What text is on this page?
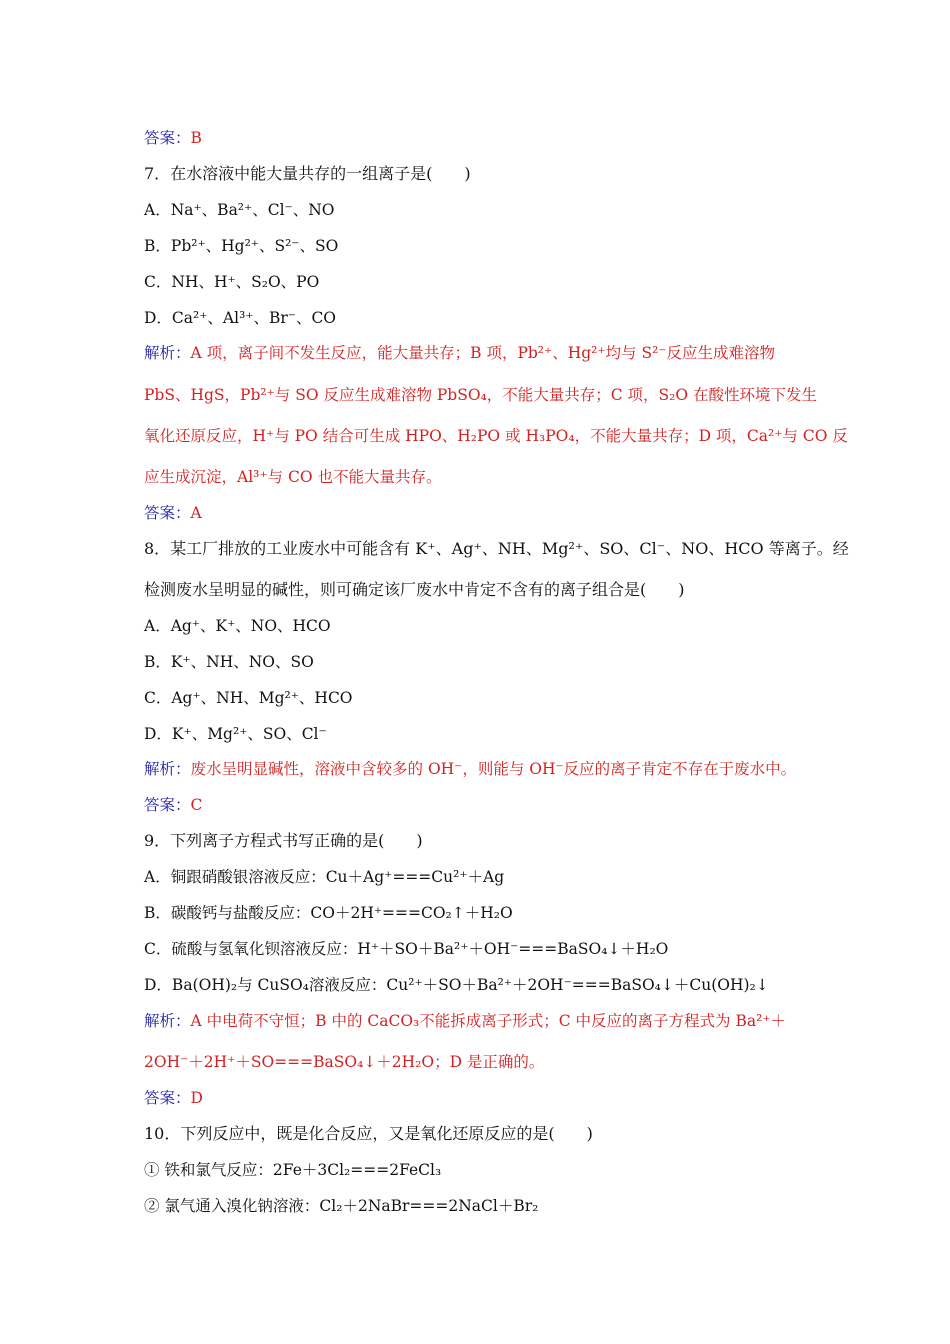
答案：B
7．在水溶液中能大量共存的一组离子是(　　)
A．Na⁺、Ba²⁺、Cl⁻、NO
B．Pb²⁺、Hg²⁺、S²⁻、SO
C．NH、H⁺、S₂O、PO
D．Ca²⁺、Al³⁺、Br⁻、CO
解析：A 项，离子间不发生反应，能大量共存；B 项，Pb²⁺、Hg²⁺均与 S²⁻反应生成难溶物
PbS、HgS，Pb²⁺与 SO 反应生成难溶物 PbSO₄，不能大量共存；C 项，S₂O 在酸性环境下发生
氧化还原反应，H⁺与 PO 结合可生成 HPO、H₂PO 或 H₃PO₄，不能大量共存；D 项，Ca²⁺与 CO 反
应生成沉淀，Al³⁺与 CO 也不能大量共存。
答案：A
8．某工厂排放的工业废水中可能含有 K⁺、Ag⁺、NH、Mg²⁺、SO、Cl⁻、NO、HCO 等离子。经
检测废水呈明显的碱性，则可确定该厂废水中肯定不含有的离子组合是(　　)
A．Ag⁺、K⁺、NO、HCO
B．K⁺、NH、NO、SO
C．Ag⁺、NH、Mg²⁺、HCO
D．K⁺、Mg²⁺、SO、Cl⁻
解析：废水呈明显碱性，溶液中含较多的 OH⁻，则能与 OH⁻反应的离子肯定不存在于废水中。
答案：C
9．下列离子方程式书写正确的是(　　)
A．铜跟硝酸银溶液反应：Cu＋Ag⁺===Cu²⁺＋Ag
B．碳酸钙与盐酸反应：CO＋2H⁺===CO₂↑＋H₂O
C．硫酸与氢氧化钡溶液反应：H⁺＋SO＋Ba²⁺＋OH⁻===BaSO₄↓＋H₂O
D．Ba(OH)₂与 CuSO₄溶液反应：Cu²⁺＋SO＋Ba²⁺＋2OH⁻===BaSO₄↓＋Cu(OH)₂↓
解析：A 中电荷不守恒；B 中的 CaCO₃不能拆成离子形式；C 中反应的离子方程式为 Ba²⁺＋
2OH⁻＋2H⁺＋SO===BaSO₄↓＋2H₂O；D 是正确的。
答案：D
10．下列反应中，既是化合反应，又是氧化还原反应的是(　　)
① 铁和氯气反应：2Fe＋3Cl₂===2FeCl₃
② 氯气通入溴化钠溶液：Cl₂＋2NaBr===2NaCl＋Br₂
